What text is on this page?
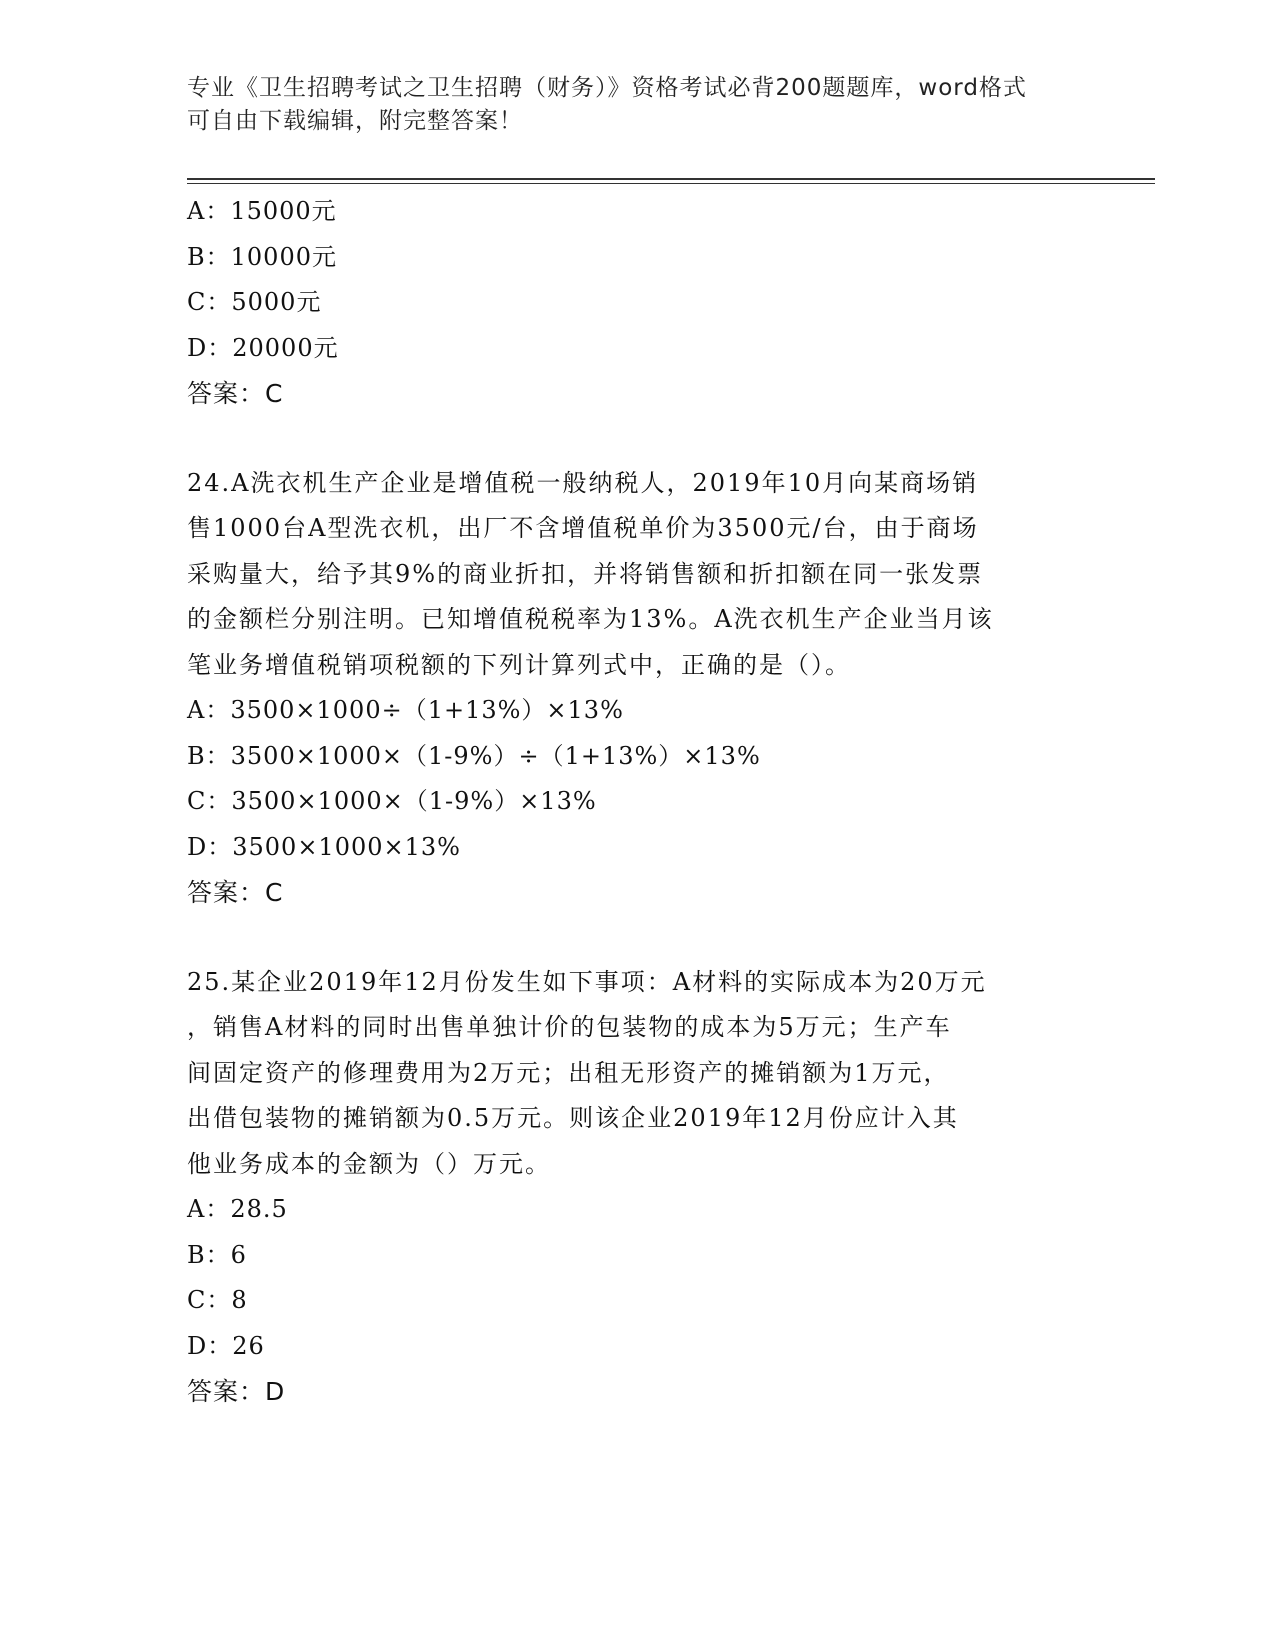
专业《卫生招聘考试之卫生招聘（财务）》资格考试必背200题题库，word格式
可自由下载编辑，附完整答案！
A：15000元
B：10000元
C：5000元
D：20000元
答案：C
24.A洗衣机生产企业是增值税一般纳税人，2019年10月向某商场销
售1000台A型洗衣机，出厂不含增值税单价为3500元/台，由于商场
采购量大，给予其9%的商业折扣，并将销售额和折扣额在同一张发票
的金额栏分别注明。已知增值税税率为13%。A洗衣机生产企业当月该
笔业务增值税销项税额的下列计算列式中，正确的是（）。
A：3500×1000÷（1+13%）×13%
B：3500×1000×（1-9%）÷（1+13%）×13%
C：3500×1000×（1-9%）×13%
D：3500×1000×13%
答案：C
25.某企业2019年12月份发生如下事项：A材料的实际成本为20万元
，销售A材料的同时出售单独计价的包装物的成本为5万元；生产车
间固定资产的修理费用为2万元；出租无形资产的摊销额为1万元，
出借包装物的摊销额为0.5万元。则该企业2019年12月份应计入其
他业务成本的金额为（）万元。
A：28.5
B：6
C：8
D：26
答案：D
